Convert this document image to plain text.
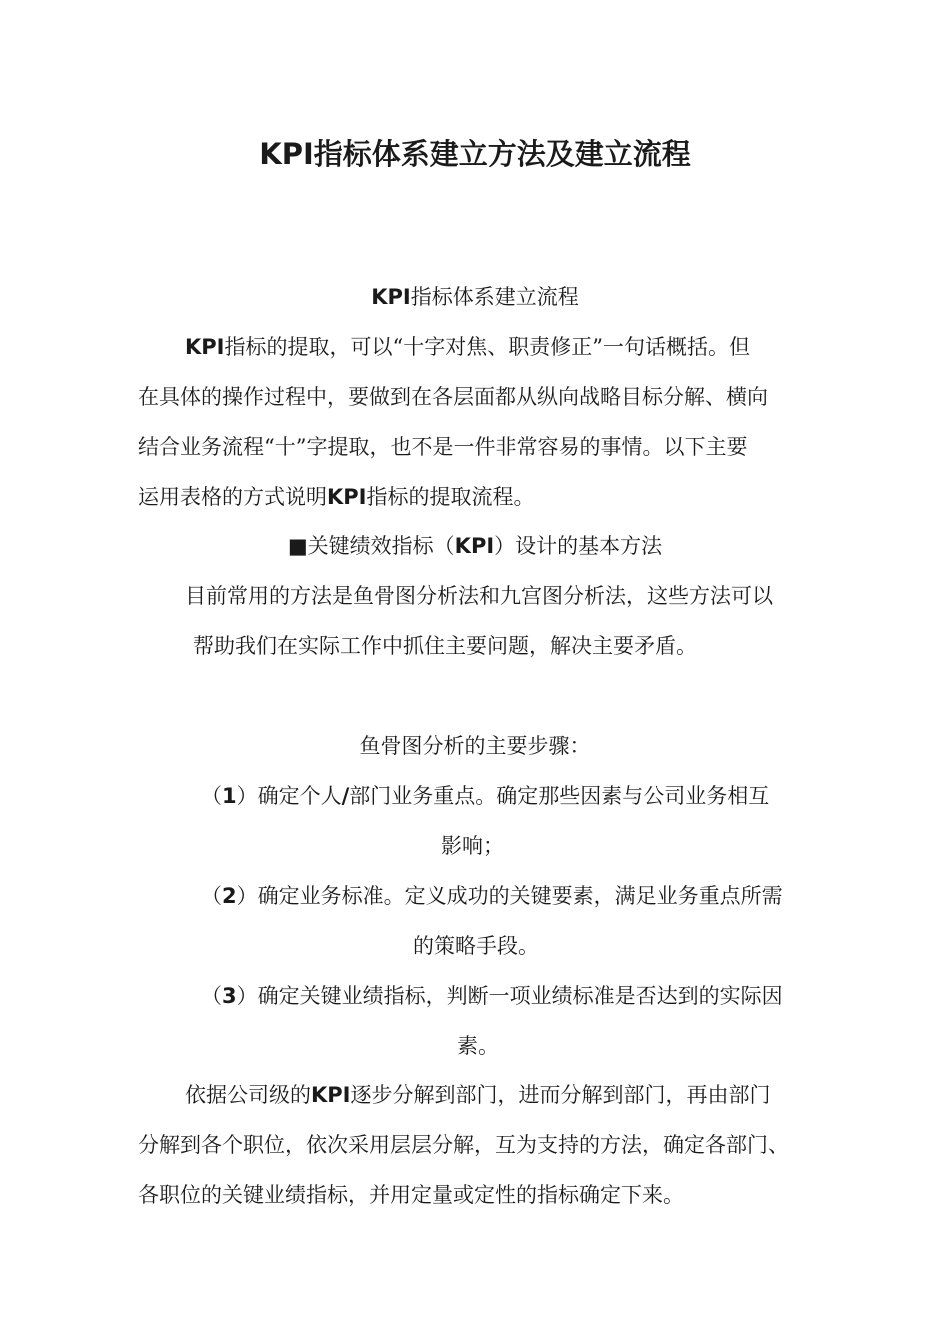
KPI指标体系建立方法及建立流程

KPI指标体系建立流程

KPI指标的提取，可以“十字对焦、职责修正”一句话概括。但

在具体的操作过程中，要做到在各层面都从纵向战略目标分解、横向

结合业务流程“十”字提取，也不是一件非常容易的事情。以下主要

运用表格的方式说明KPI指标的提取流程。

■关键绩效指标（KPI）设计的基本方法

目前常用的方法是鱼骨图分析法和九宫图分析法，这些方法可以

帮助我们在实际工作中抓住主要问题，解决主要矛盾。

鱼骨图分析的主要步骤：

（1）确定个人/部门业务重点。确定那些因素与公司业务相互

影响；

（2）确定业务标准。定义成功的关键要素，满足业务重点所需

的策略手段。

（3）确定关键业绩指标，判断一项业绩标准是否达到的实际因

素。

依据公司级的KPI逐步分解到部门，进而分解到部门，再由部门

分解到各个职位，依次采用层层分解，互为支持的方法，确定各部门、

各职位的关键业绩指标，并用定量或定性的指标确定下来。
